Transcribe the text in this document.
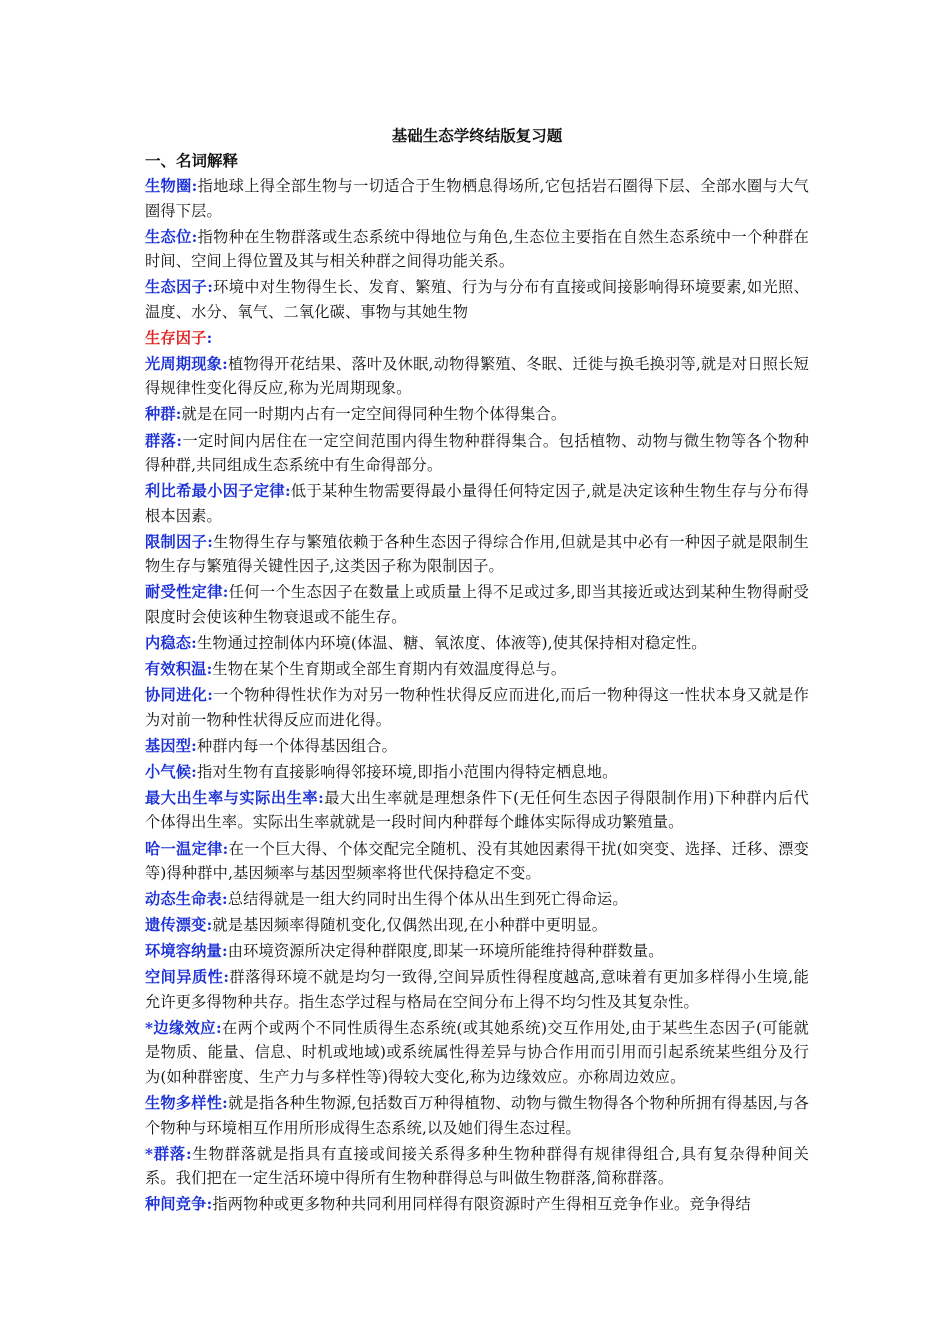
基础生态学终结版复习题
一、名词解释

生物圈:指地球上得全部生物与一切适合于生物栖息得场所,它包括岩石圈得下层、全部水圈与大气圈得下层。

生态位:指物种在生物群落或生态系统中得地位与角色,生态位主要指在自然生态系统中一个种群在时间、空间上得位置及其与相关种群之间得功能关系。

生态因子:环境中对生物得生长、发育、繁殖、行为与分布有直接或间接影响得环境要素,如光照、温度、水分、氧气、二氧化碳、事物与其她生物

生存因子:

光周期现象:植物得开花结果、落叶及休眠,动物得繁殖、冬眠、迁徙与换毛换羽等,就是对日照长短得规律性变化得反应,称为光周期现象。

种群:就是在同一时期内占有一定空间得同种生物个体得集合。

群落:一定时间内居住在一定空间范围内得生物种群得集合。包括植物、动物与微生物等各个物种得种群,共同组成生态系统中有生命得部分。

利比希最小因子定律:低于某种生物需要得最小量得任何特定因子,就是决定该种生物生存与分布得根本因素。

限制因子:生物得生存与繁殖依赖于各种生态因子得综合作用,但就是其中必有一种因子就是限制生物生存与繁殖得关键性因子,这类因子称为限制因子。

耐受性定律:任何一个生态因子在数量上或质量上得不足或过多,即当其接近或达到某种生物得耐受限度时会使该种生物衰退或不能生存。

内稳态:生物通过控制体内环境(体温、糖、氧浓度、体液等),使其保持相对稳定性。

有效积温:生物在某个生育期或全部生育期内有效温度得总与。

协同进化:一个物种得性状作为对另一物种性状得反应而进化,而后一物种得这一性状本身又就是作为对前一物种性状得反应而进化得。

基因型:种群内每一个体得基因组合。

小气候:指对生物有直接影响得邻接环境,即指小范围内得特定栖息地。

最大出生率与实际出生率:最大出生率就是理想条件下(无任何生态因子得限制作用)下种群内后代个体得出生率。实际出生率就就是一段时间内种群每个雌体实际得成功繁殖量。

哈一温定律:在一个巨大得、个体交配完全随机、没有其她因素得干扰(如突变、选择、迁移、漂变等)得种群中,基因频率与基因型频率将世代保持稳定不变。

动态生命表:总结得就是一组大约同时出生得个体从出生到死亡得命运。

遗传漂变:就是基因频率得随机变化,仅偶然出现,在小种群中更明显。

环境容纳量:由环境资源所决定得种群限度,即某一环境所能维持得种群数量。

空间异质性:群落得环境不就是均匀一致得,空间异质性得程度越高,意味着有更加多样得小生境,能允许更多得物种共存。指生态学过程与格局在空间分布上得不均匀性及其复杂性。

*边缘效应:在两个或两个不同性质得生态系统(或其她系统)交互作用处,由于某些生态因子(可能就是物质、能量、信息、时机或地域)或系统属性得差异与协合作用而引用而引起系统某些组分及行为(如种群密度、生产力与多样性等)得较大变化,称为边缘效应。亦称周边效应。

生物多样性:就是指各种生物源,包括数百万种得植物、动物与微生物得各个物种所拥有得基因,与各个物种与环境相互作用所形成得生态系统,以及她们得生态过程。

*群落:生物群落就是指具有直接或间接关系得多种生物种群得有规律得组合,具有复杂得种间关系。我们把在一定生活环境中得所有生物种群得总与叫做生物群落,简称群落。

种间竞争:指两物种或更多物种共同利用同样得有限资源时产生得相互竞争作业。竞争得结
